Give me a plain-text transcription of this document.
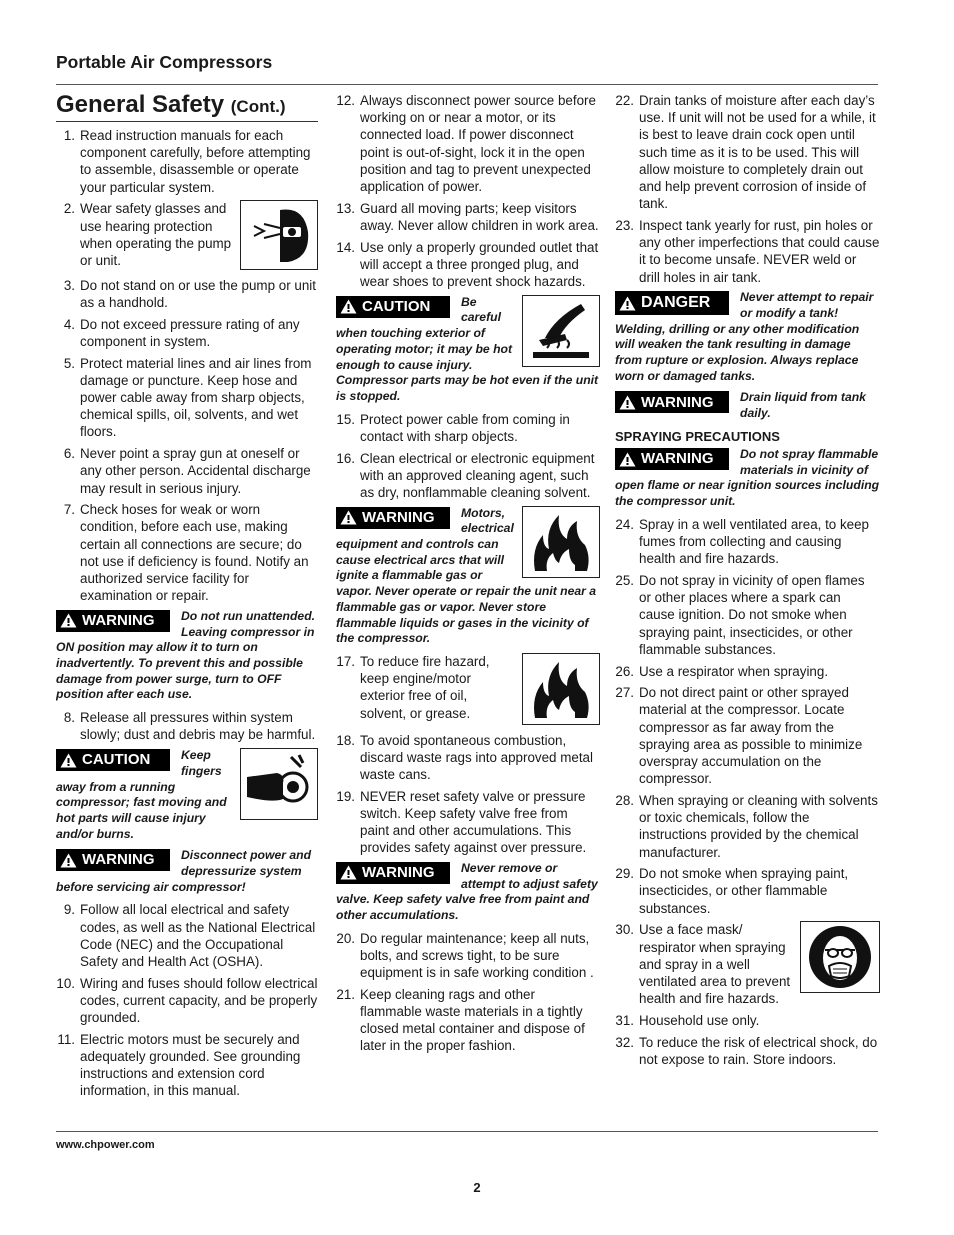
Portable Air Compressors
General Safety (Cont.)
1. Read instruction manuals for each component carefully, before attempting to assemble, disassemble or operate your particular system.
2. Wear safety glasses and use hearing protection when operating the pump or unit.
3. Do not stand on or use the pump or unit as a handhold.
4. Do not exceed pressure rating of any component in system.
5. Protect material lines and air lines from damage or puncture. Keep hose and power cable away from sharp objects, chemical spills, oil, solvents, and wet floors.
6. Never point a spray gun at oneself or any other person. Accidental discharge may result in serious injury.
7. Check hoses for weak or worn condition, before each use, making certain all connections are secure; do not use if deficiency is found. Notify an authorized service facility for examination or repair.
WARNING Do not run unattended. Leaving compressor in ON position may allow it to turn on inadvertently. To prevent this and possible damage from power surge, turn to OFF position after each use.
8. Release all pressures within system slowly; dust and debris may be harmful.
CAUTION	Keep fingers away from a running compressor; fast moving and hot parts will cause injury and/or burns.
WARNING Disconnect power and depressurize system before servicing air compressor!
9. Follow all local electrical and safety codes, as well as the National Electrical Code (NEC) and the Occupational Safety and Health Act (OSHA).
10. Wiring and fuses should follow electrical codes, current capacity, and be properly grounded.
11. Electric motors must be securely and adequately grounded. See grounding instructions and extension cord information, in this manual.
12. Always disconnect power source before working on or near a motor, or its connected load. If power disconnect point is out-of-sight, lock it in the open position and tag to prevent unexpected application of power.
13. Guard all moving parts; keep visitors away. Never allow children in work area.
14. Use only a properly grounded outlet that will accept a three pronged plug, and wear shoes to prevent shock hazards.
CAUTION	Be careful when touching exterior of operating motor; it may be hot enough to cause injury. Compressor parts may be hot even if the unit is stopped.
15. Protect power cable from coming in contact with sharp objects.
16. Clean electrical or electronic equipment with an approved cleaning agent, such as dry, nonflammable cleaning solvent.
WARNING Motors, electrical equipment and controls can cause electrical arcs that will ignite a flammable gas or vapor. Never operate or repair the unit near a flammable gas or vapor. Never store flammable liquids or gases in the vicinity of the compressor.
17. To reduce fire hazard, keep engine/motor exterior free of oil, solvent, or grease.
18. To avoid spontaneous combustion, discard waste rags into approved metal waste cans.
19. NEVER reset safety valve or pressure switch. Keep safety valve free from paint and other accumulations. This provides safety against over pressure.
WARNING Never remove or attempt to adjust safety valve. Keep safety valve free from paint and other accumulations.
20. Do regular maintenance; keep all nuts, bolts, and screws tight, to be sure equipment is in safe working condition .
21. Keep cleaning rags and other flammable waste materials in a tightly closed metal container and dispose of later in the proper fashion.
22. Drain tanks of moisture after each day’s use. If unit will not be used for a while, it is best to leave drain cock open until such time as it is to be used. This will allow moisture to completely drain out and help prevent corrosion of inside of tank.
23. Inspect tank yearly for rust, pin holes or any other imperfections that could cause it to become unsafe. NEVER weld or drill holes in air tank.
DANGER Never attempt to repair or modify a tank! Welding, drilling or any other modification will weaken the tank resulting in damage from rupture or explosion. Always replace worn or damaged tanks.
WARNING Drain liquid from tank daily.
SPRAYING PRECAUTIONS
WARNING Do not spray flammable materials in vicinity of open flame or near ignition sources including the compressor unit.
24. Spray in a well ventilated area, to keep fumes from collecting and causing health and fire hazards.
25. Do not spray in vicinity of open flames or other places where a spark can cause ignition. Do not smoke when spraying paint, insecticides, or other flammable substances.
26. Use a respirator when spraying.
27. Do not direct paint or other sprayed material at the compressor. Locate compressor as far away from the spraying area as possible to minimize overspray accumulation on the compressor.
28. When spraying or cleaning with solvents or toxic chemicals, follow the instructions provided by the chemical manufacturer.
29. Do not smoke when spraying paint, insecticides, or other flammable substances.
30. Use a face mask/ respirator when spraying and spray in a well ventilated area to prevent health and fire hazards.
31. Household use only.
32. To reduce the risk of electrical shock, do not expose to rain. Store indoors.
www.chpower.com
2
